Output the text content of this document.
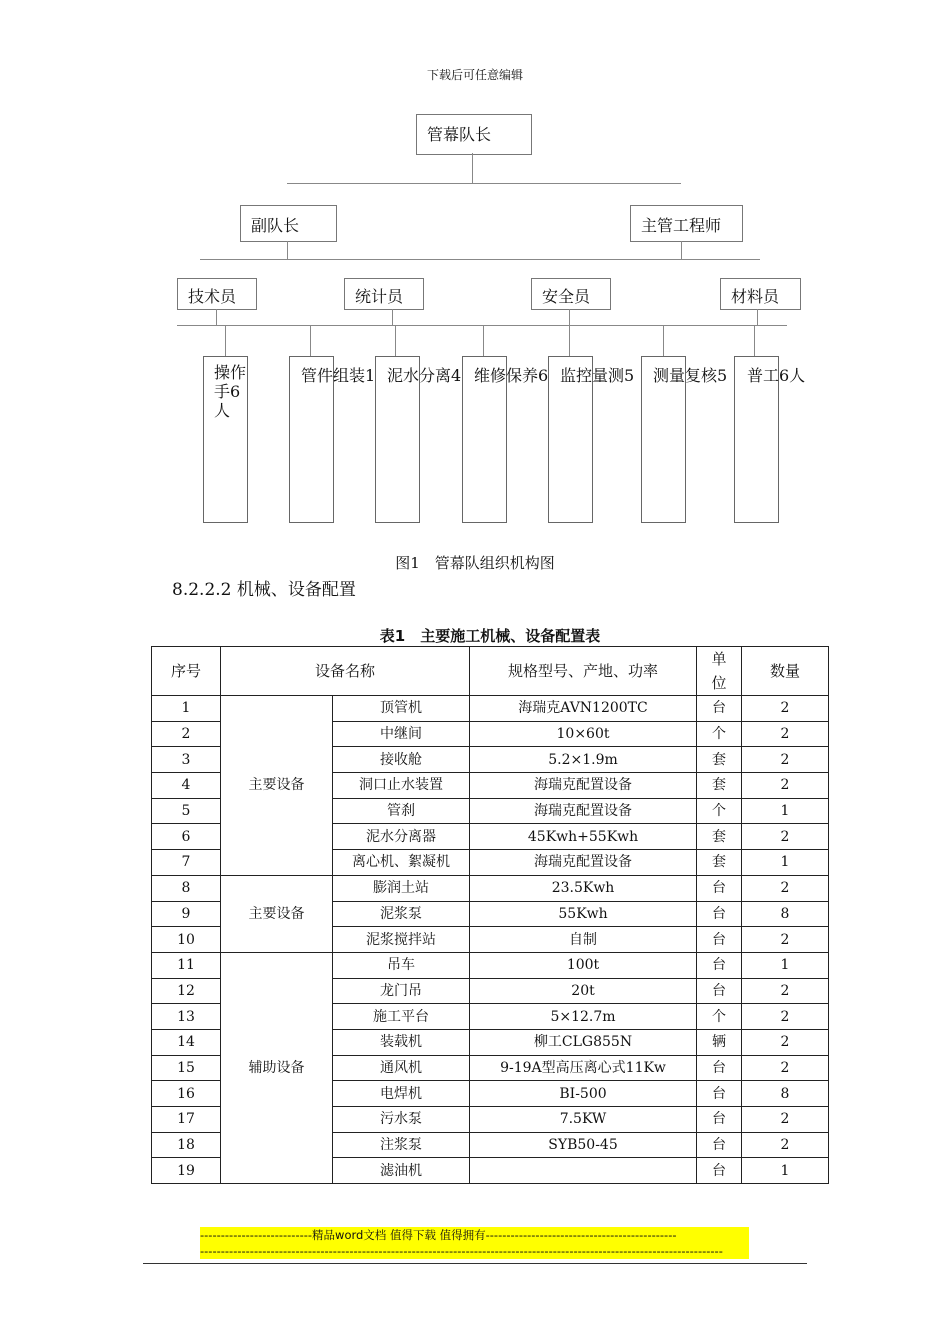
下载后可任意编辑
管幕队长
副队长	主管工程师
技术员	统计员	安全员	材料员
操作手6人
管件组装1 泥水分离4 维修保养6 监控量测5 测量复核5 普工6人
图1　管幕队组织机构图
8.2.2.2 机械、设备配置
表1　主要施工机械、设备配置表
序号	设备名称		规格型号、产地、功率	单位	数量
1	主要设备	顶管机	海瑞克AVN1200TC	台	2
2		中继间	10×60t	个	2
3		接收舱	5.2×1.9m	套	2
4		洞口止水装置	海瑞克配置设备	套	2
5		管刹	海瑞克配置设备	个	1
6		泥水分离器	45Kwh+55Kwh	套	2
7		离心机、絮凝机	海瑞克配置设备	套	1
8	主要设备	膨润土站	23.5Kwh	台	2
9		泥浆泵	55Kwh	台	8
10		泥浆搅拌站	自制	台	2
11	辅助设备	吊车	100t	台	1
12		龙门吊	20t	台	2
13		施工平台	5×12.7m	个	2
14		装载机	柳工CLG855N	辆	2
15		通风机	9-19A型高压离心式11Kw	台	2
16		电焊机	BI-500	台	8
17		污水泵	7.5KW	台	2
18		注浆泵	SYB50-45	台	2
19		滤油机		台	1
---------------------------精品word文档 值得下载 值得拥有----------------------------------------------
------------------------------------------------------------------------------------------------------------------------------
